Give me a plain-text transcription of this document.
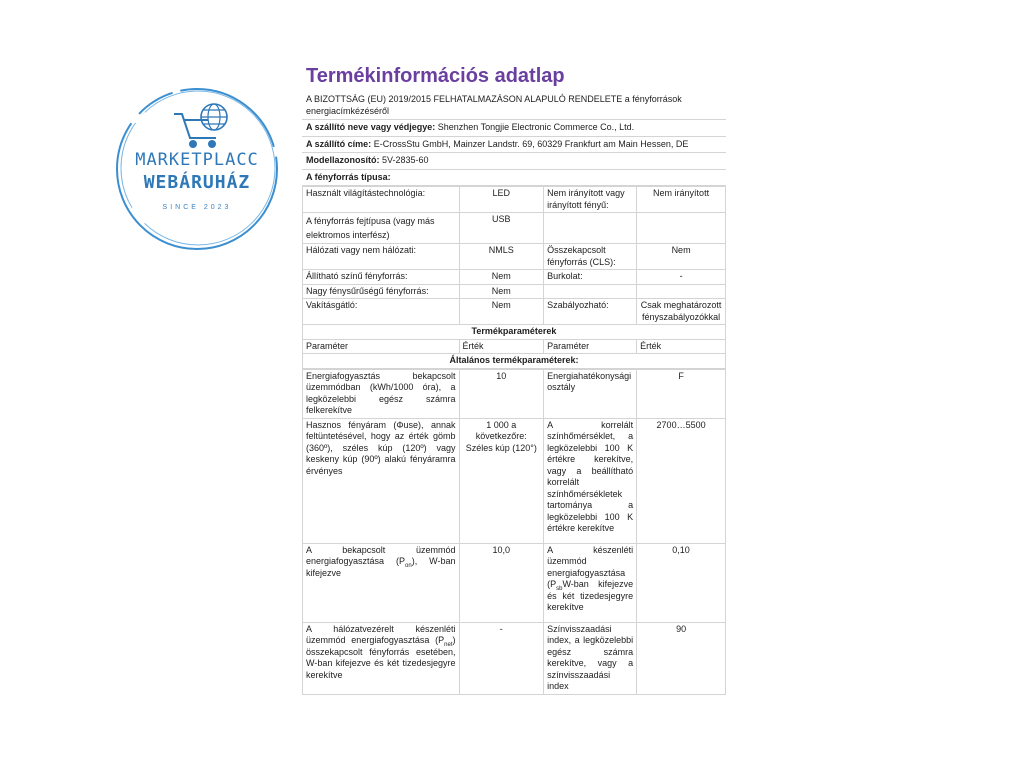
MARKETPLACC
WEBÁRUHÁZ
SINCE 2023
Termékinformációs adatlap
A BIZOTTSÁG (EU) 2019/2015 FELHATALMAZÁSON ALAPULÓ RENDELETE a fényforrások energiacímkézéséről
A szállító neve vagy védjegye: Shenzhen Tongjie Electronic Commerce Co., Ltd.
A szállító címe: E-CrossStu GmbH, Mainzer Landstr. 69, 60329 Frankfurt am Main Hessen, DE
Modellazonosító: 5V-2835-60
A fényforrás típusa:
Használt világítástechnológia:	LED	Nem irányított vagy irányított fényű:	Nem irányított
A fényforrás fejtípusa (vagy más elektromos interfész)	USB		
Hálózati vagy nem hálózati:	NMLS	Összekapcsolt fényforrás (CLS):	Nem
Állítható színű fényforrás:	Nem	Burkolat:	-
Nagy fénysűrűségű fényforrás:	Nem		
Vakításgátló:	Nem	Szabályozható:	Csak meghatározott fényszabályozókkal
Termékparaméterek			
Paraméter	Érték	Paraméter	Érték
Általános termékparaméterek:			
Energiafogyasztás bekapcsolt üzemmódban (kWh/1000 óra), a legközelebbi egész számra felkerekítve	10	Energiahatékonysági osztály	F
Hasznos fényáram (Φuse), annak feltüntetésével, hogy az érték gömb (360º), széles kúp (120º) vagy keskeny kúp (90º) alakú fényáramra érvényes	1 000 a következőre: Széles kúp (120°)	A korrelált színhőmérséklet, a legközelebbi 100 K értékre kerekítve, vagy a beállítható korrelált színhőmérsékletek tartománya a legközelebbi 100 K értékre kerekítve	2700…5500
A bekapcsolt üzemmód energiafogyasztása $(P_{on})$, W-ban kifejezve	10,0	A készenléti üzemmód energiafogyasztása ($P_{sb}W$-ban kifejezve és két tizedesjegyre kerekítve	0,10
A hálózatvezérelt készenléti üzemmód energiafogyasztása $(P_{net})$ összekapcsolt fényforrás esetében, W-ban kifejezve és két tizedesjegyre kerekítve	-	Színvisszaadási index, a legközelebbi egész számra kerekítve, vagy a színvisszaadási index	90
